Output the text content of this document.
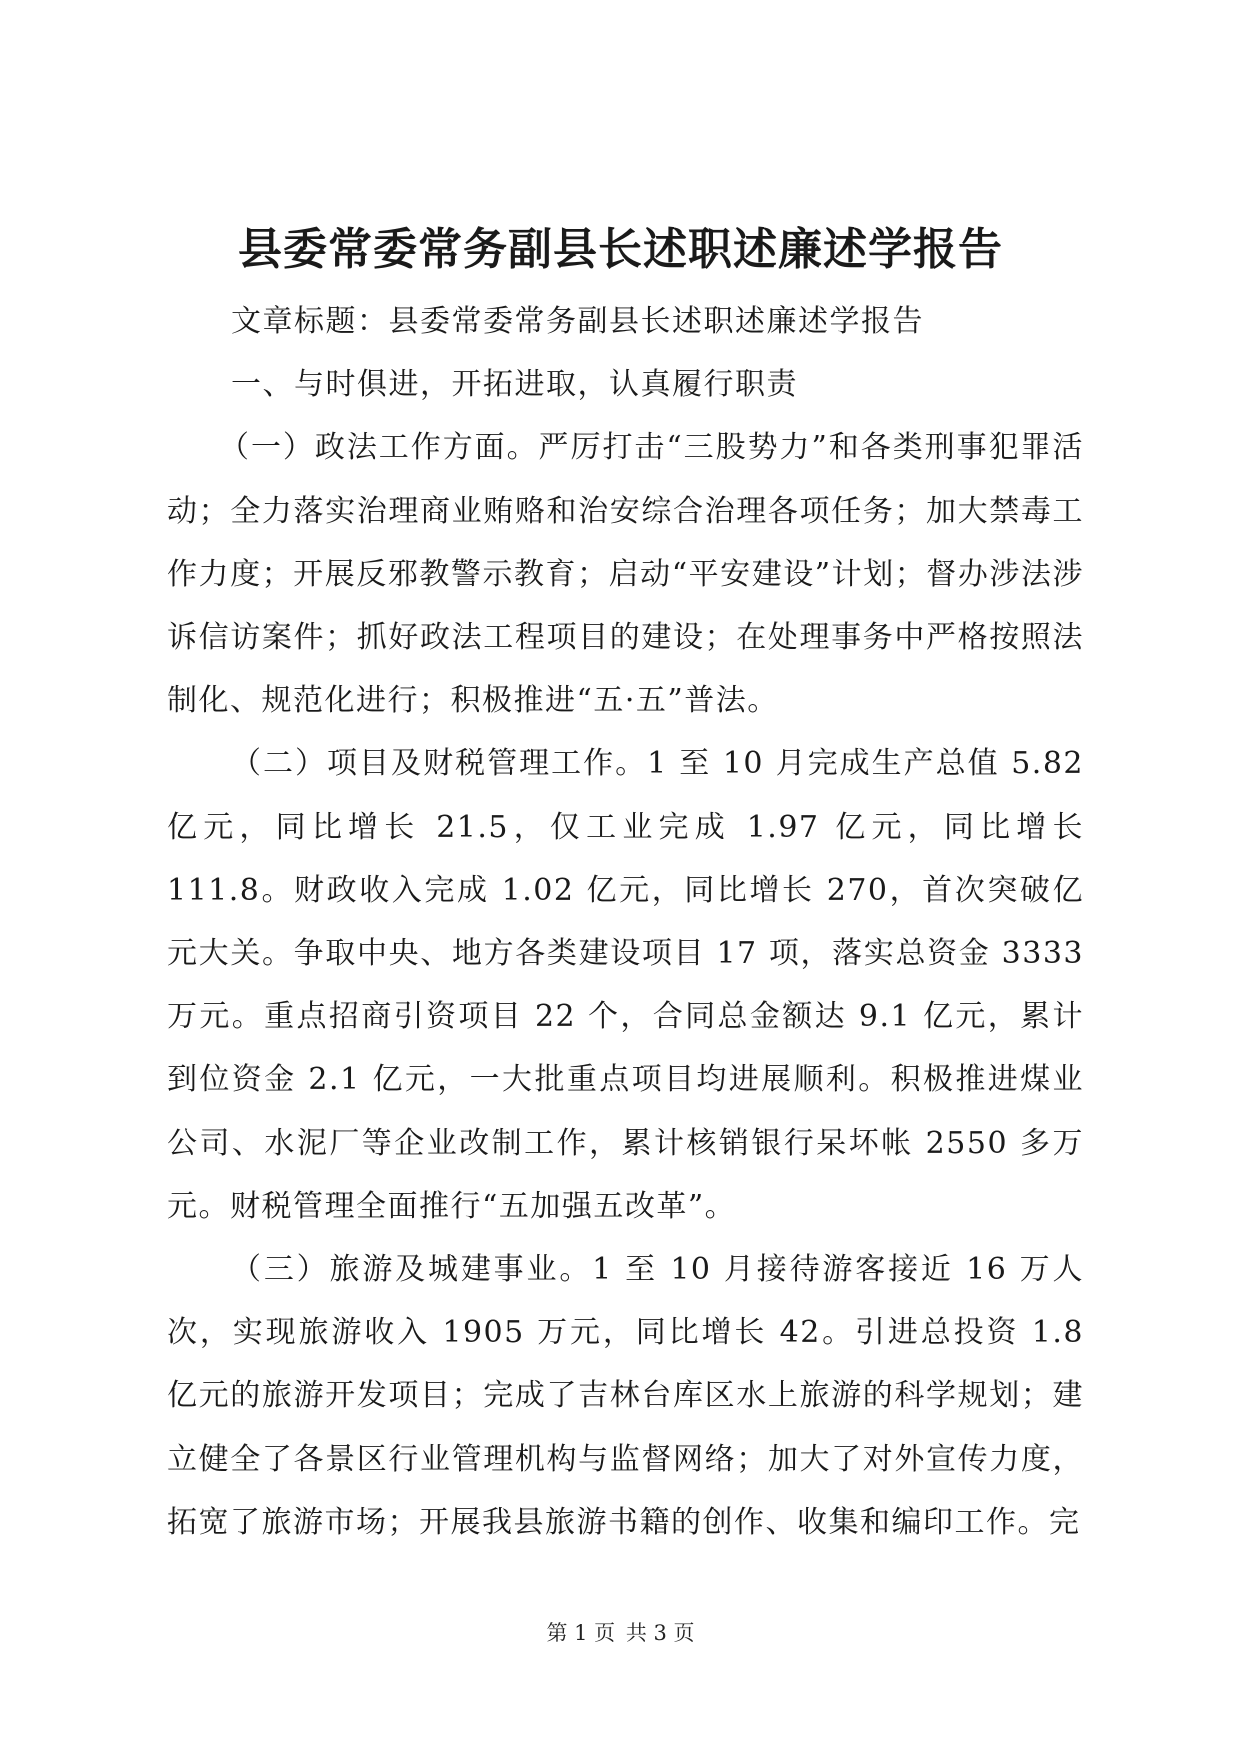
县委常委常务副县长述职述廉述学报告

文章标题：县委常委常务副县长述职述廉述学报告

一、与时俱进，开拓进取，认真履行职责

（一）政法工作方面。严厉打击“三股势力”和各类刑事犯罪活动；全力落实治理商业贿赂和治安综合治理各项任务；加大禁毒工作力度；开展反邪教警示教育；启动“平安建设”计划；督办涉法涉诉信访案件；抓好政法工程项目的建设；在处理事务中严格按照法制化、规范化进行；积极推进“五·五”普法。

（二）项目及财税管理工作。1 至 10 月完成生产总值 5.82 亿元，同比增长 21.5，仅工业完成 1.97 亿元，同比增长 111.8。财政收入完成 1.02 亿元，同比增长 270，首次突破亿元大关。争取中央、地方各类建设项目 17 项，落实总资金 3333 万元。重点招商引资项目 22 个，合同总金额达 9.1 亿元，累计到位资金 2.1 亿元，一大批重点项目均进展顺利。积极推进煤业公司、水泥厂等企业改制工作，累计核销银行呆坏帐 2550 多万元。财税管理全面推行“五加强五改革”。

（三）旅游及城建事业。1 至 10 月接待游客接近 16 万人次，实现旅游收入 1905 万元，同比增长 42。引进总投资 1.8 亿元的旅游开发项目；完成了吉林台库区水上旅游的科学规划；建立健全了各景区行业管理机构与监督网络；加大了对外宣传力度，拓宽了旅游市场；开展我县旅游书籍的创作、收集和编印工作。完

第 1 页 共 3 页
